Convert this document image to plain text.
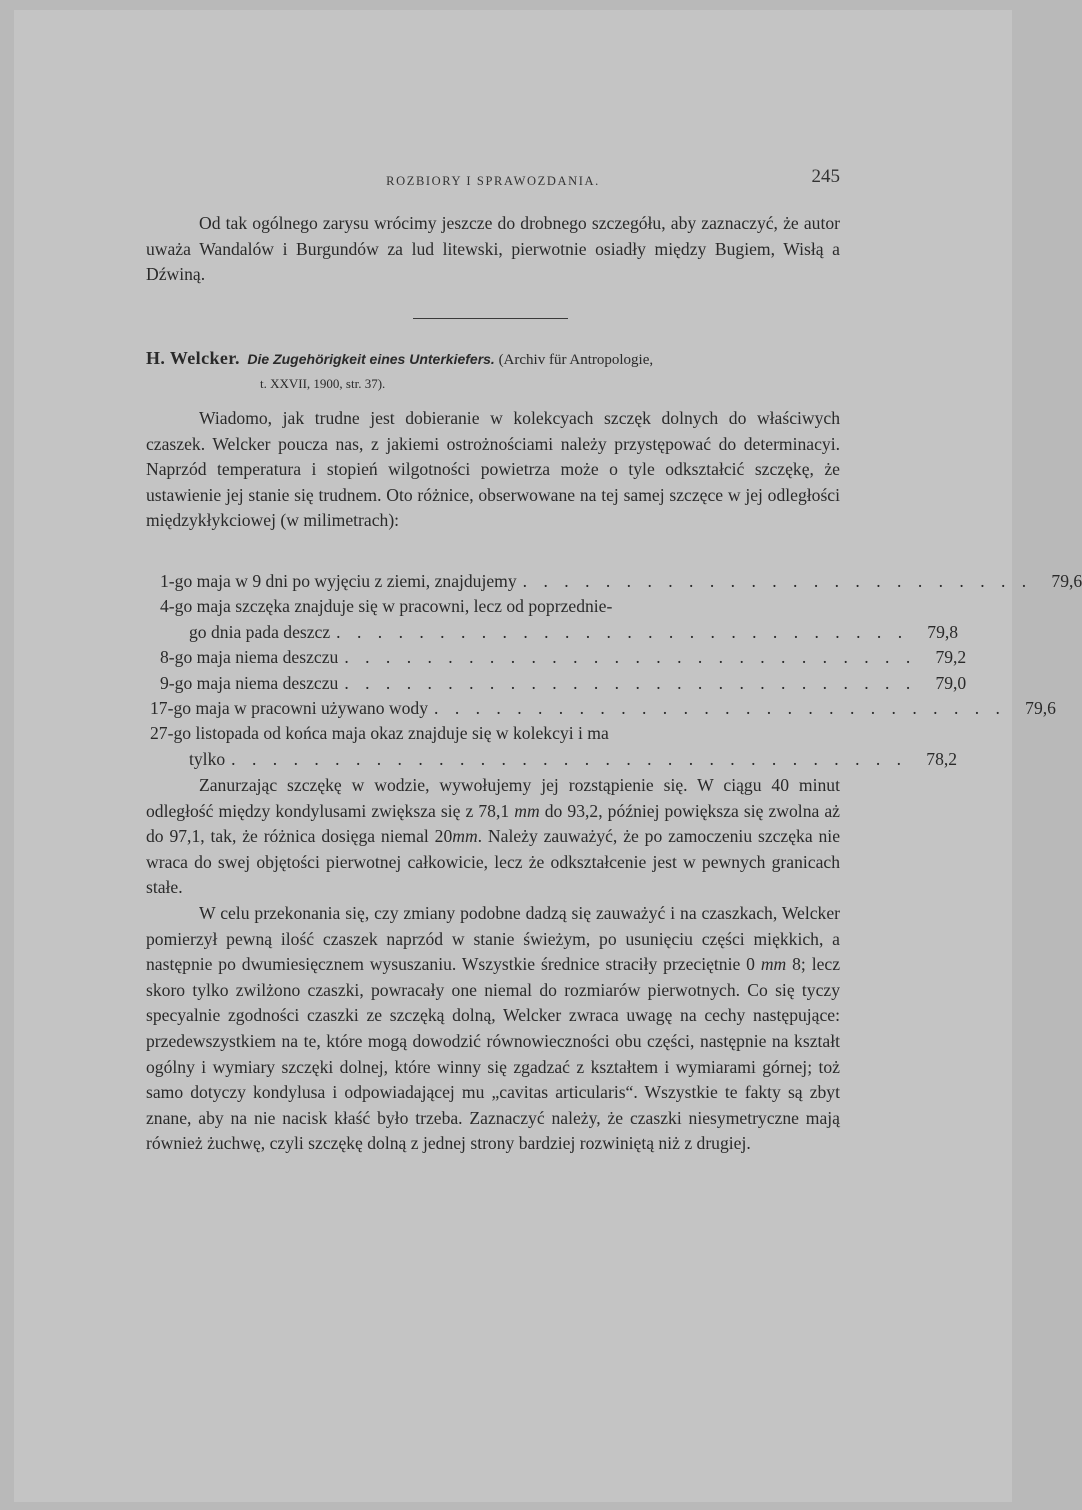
ROZBIORY I SPRAWOZDANIA.	245

Od tak ogólnego zarysu wrócimy jeszcze do drobnego szczegółu, aby zaznaczyć, że autor uważa Wandalów i Burgundów za lud litewski, pierwotnie osiadły między Bugiem, Wisłą a Dźwiną.

H. Welcker. Die Zugehörigkeit eines Unterkiefers. (Archiv für Antropologie,
t. XXVII, 1900, str. 37).

Wiadomo, jak trudne jest dobieranie w kolekcyach szczęk dolnych do właściwych czaszek. Welcker poucza nas, z jakiemi ostrożnościami należy przystępować do determinacyi. Naprzód temperatura i stopień wilgotności powietrza może o tyle odkształcić szczękę, że ustawienie jej stanie się trudnem. Oto różnice, obserwowane na tej samej szczęce w jej odległości międzykłykciowej (w milimetrach):

1-go maja w 9 dni po wyjęciu z ziemi, znajdujemy . . . . . . . . . . . . . . . . . . . . . . . . .	79,6
4-go maja szczęka znajduje się w pracowni, lecz od poprzednie-
go dnia pada deszcz . . . . . . . . . . . . . . . . . . . . . . . . . . . .	79,8
8-go maja niema deszczu . . . . . . . . . . . . . . . . . . . . . . . . . . . .	79,2
9-go maja niema deszczu . . . . . . . . . . . . . . . . . . . . . . . . . . . .	79,0
17-go maja w pracowni używano wody . . . . . . . . . . . . . . . . . . . . . . . . . . . .	79,6
27-go listopada od końca maja okaz znajduje się w kolekcyi i ma
tylko . . . . . . . . . . . . . . . . . . . . . . . . . . . . . . . . .	78,2

Zanurzając szczękę w wodzie, wywołujemy jej rozstąpienie się. W ciągu 40 minut odległość między kondylusami zwiększa się z 78,1 mm do 93,2, później powiększa się zwolna aż do 97,1, tak, że różnica dosięga niemal 20mm. Należy zauważyć, że po zamoczeniu szczęka nie wraca do swej objętości pierwotnej całkowicie, lecz że odkształcenie jest w pewnych granicach stałe.

W celu przekonania się, czy zmiany podobne dadzą się zauważyć i na czaszkach, Welcker pomierzył pewną ilość czaszek naprzód w stanie świeżym, po usunięciu części miękkich, a następnie po dwumiesięcznem wysuszaniu. Wszystkie średnice straciły przeciętnie 0 mm 8; lecz skoro tylko zwilżono czaszki, powracały one niemal do rozmiarów pierwotnych. Co się tyczy specyalnie zgodności czaszki ze szczęką dolną, Welcker zwraca uwagę na cechy następujące: przedewszystkiem na te, które mogą dowodzić równowieczności obu części, następnie na kształt ogólny i wymiary szczęki dolnej, które winny się zgadzać z kształtem i wymiarami górnej; toż samo dotyczy kondylusa i odpowiadającej mu „cavitas articularis“. Wszystkie te fakty są zbyt znane, aby na nie nacisk kłaść było trzeba. Zaznaczyć należy, że czaszki niesymetryczne mają również żuchwę, czyli szczękę dolną z jednej strony bardziej rozwiniętą niż z drugiej.
